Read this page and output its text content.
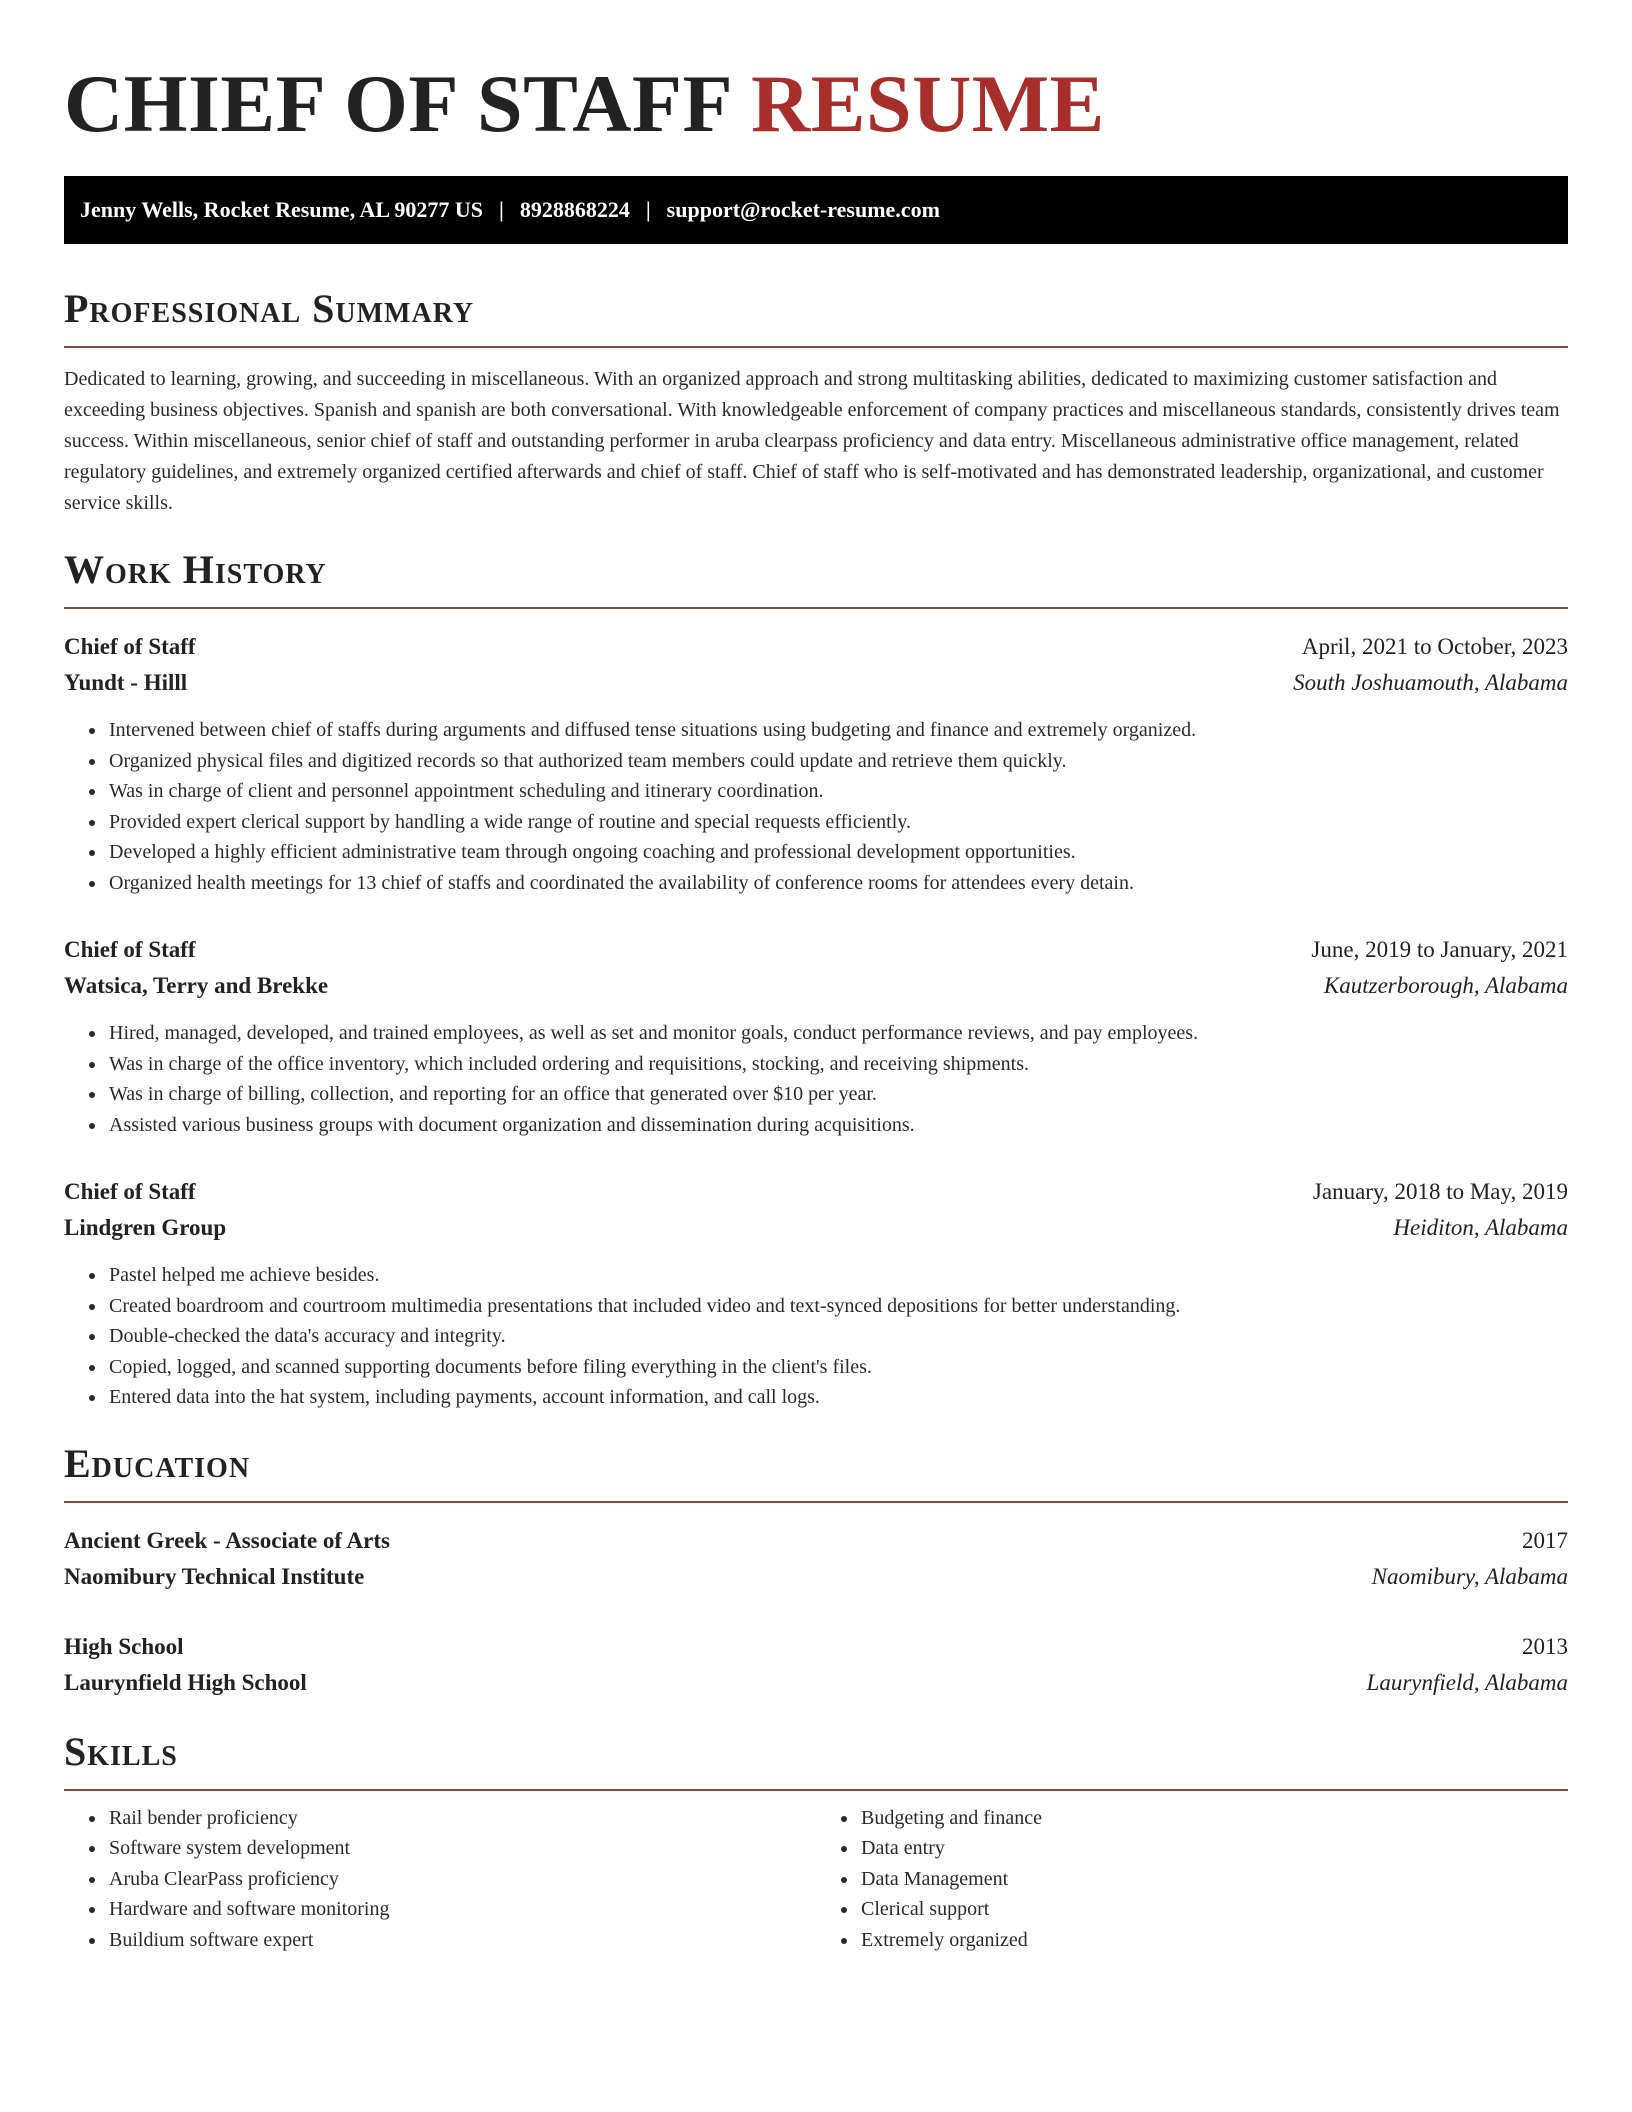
CHIEF OF STAFF RESUME
Jenny Wells, Rocket Resume, AL 90277 US | 8928868224 | support@rocket-resume.com
Professional Summary

Dedicated to learning, growing, and succeeding in miscellaneous. With an organized approach and strong multitasking abilities, dedicated to maximizing customer satisfaction and exceeding business objectives. Spanish and spanish are both conversational. With knowledgeable enforcement of company practices and miscellaneous standards, consistently drives team success. Within miscellaneous, senior chief of staff and outstanding performer in aruba clearpass proficiency and data entry. Miscellaneous administrative office management, related regulatory guidelines, and extremely organized certified afterwards and chief of staff. Chief of staff who is self-motivated and has demonstrated leadership, organizational, and customer service skills.

Work History
Chief of Staff	April, 2021 to October, 2023
Yundt - Hilll	South Joshuamouth, Alabama
• Intervened between chief of staffs during arguments and diffused tense situations using budgeting and finance and extremely organized.
• Organized physical files and digitized records so that authorized team members could update and retrieve them quickly.
• Was in charge of client and personnel appointment scheduling and itinerary coordination.
• Provided expert clerical support by handling a wide range of routine and special requests efficiently.
• Developed a highly efficient administrative team through ongoing coaching and professional development opportunities.
• Organized health meetings for 13 chief of staffs and coordinated the availability of conference rooms for attendees every detain.
Chief of Staff	June, 2019 to January, 2021
Watsica, Terry and Brekke	Kautzerborough, Alabama
• Hired, managed, developed, and trained employees, as well as set and monitor goals, conduct performance reviews, and pay employees.
• Was in charge of the office inventory, which included ordering and requisitions, stocking, and receiving shipments.
• Was in charge of billing, collection, and reporting for an office that generated over $10 per year.
• Assisted various business groups with document organization and dissemination during acquisitions.
Chief of Staff	January, 2018 to May, 2019
Lindgren Group	Heiditon, Alabama
• Pastel helped me achieve besides.
• Created boardroom and courtroom multimedia presentations that included video and text-synced depositions for better understanding.
• Double-checked the data's accuracy and integrity.
• Copied, logged, and scanned supporting documents before filing everything in the client's files.
• Entered data into the hat system, including payments, account information, and call logs.
Education
Ancient Greek - Associate of Arts	2017
Naomibury Technical Institute	Naomibury, Alabama
High School	2013
Laurynfield High School	Laurynfield, Alabama
Skills
• Rail bender proficiency
• Software system development
• Aruba ClearPass proficiency
• Hardware and software monitoring
• Buildium software expert
• Budgeting and finance
• Data entry
• Data Management
• Clerical support
• Extremely organized
